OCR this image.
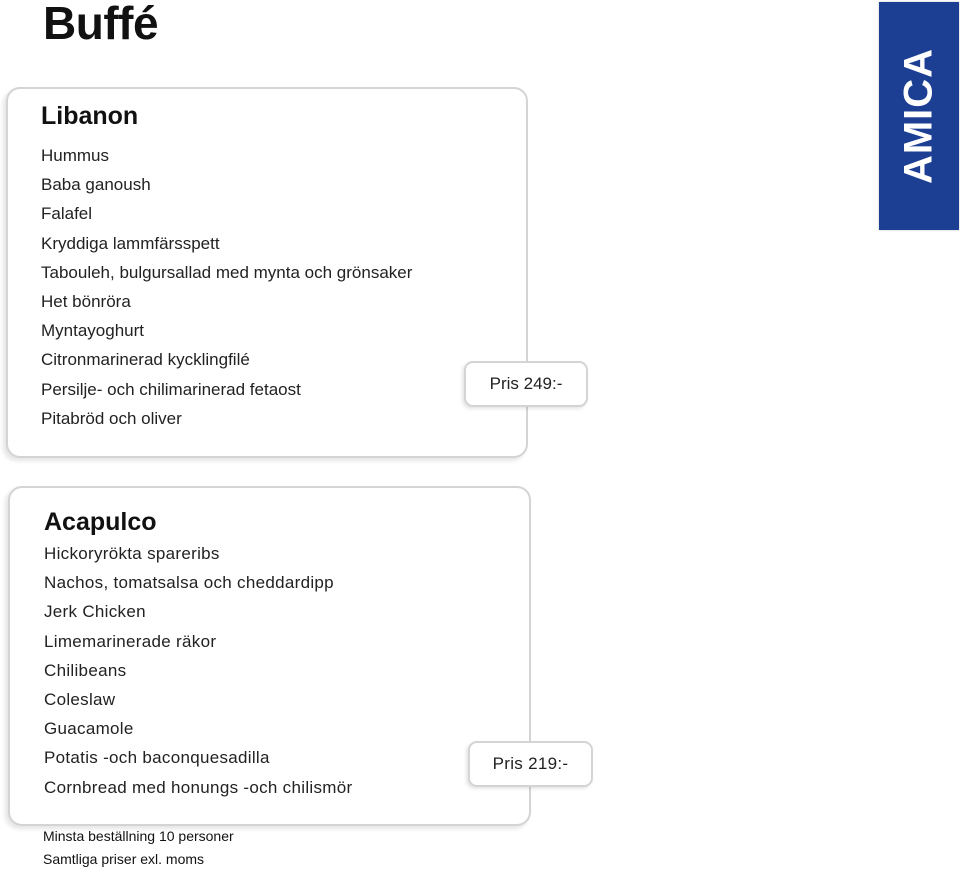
Buffé
AMICA
Libanon
Hummus
Baba ganoush
Falafel
Kryddiga lammfärsspett
Tabouleh, bulgursallad med mynta och grönsaker
Het bönröra
Myntayoghurt
Citronmarinerad kycklingfilé
Persilje- och chilimarinerad fetaost
Pitabröd och oliver
Pris 249:-
Acapulco
Hickoryrökta spareribs
Nachos, tomatsalsa och cheddardipp
Jerk Chicken
Limemarinerade räkor
Chilibeans
Coleslaw
Guacamole
Potatis -och baconquesadilla
Cornbread med honungs -och chilismör
Pris 219:-
Minsta beställning 10 personer
Samtliga priser exl. moms
